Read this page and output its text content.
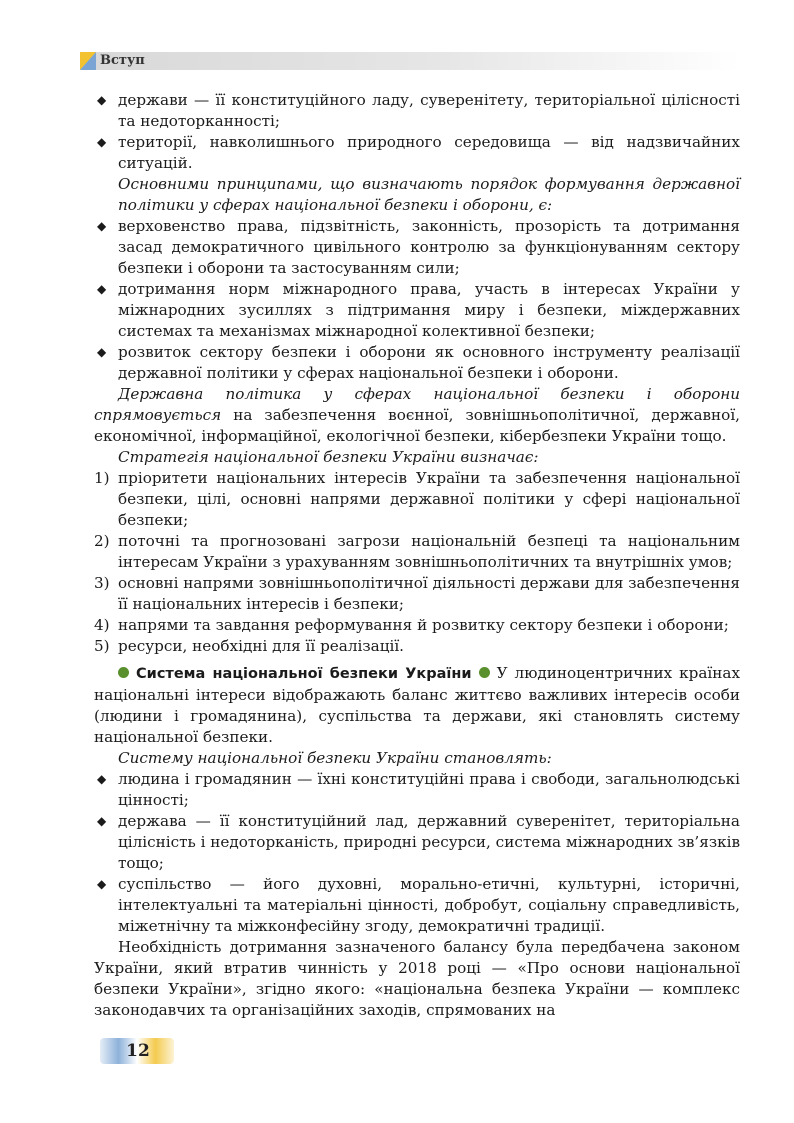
Вступ
◆ держави — її конституційного ладу, суверенітету, територіальної цілісності та недоторканності;
◆ території, навколишнього природного середовища — від надзвичайних ситуацій.

Основними принципами, що визначають порядок формування державної політики у сферах національної безпеки і оборони, є:

◆ верховенство права, підзвітність, законність, прозорість та дотримання засад демократичного цивільного контролю за функціонуванням сектору безпеки і оборони та застосуванням сили;
◆ дотримання норм міжнародного права, участь в інтересах України у міжнародних зусиллях з підтримання миру і безпеки, міждержавних системах та механізмах міжнародної колективної безпеки;
◆ розвиток сектору безпеки і оборони як основного інструменту реалізації державної політики у сферах національної безпеки і оборони.

Державна політика у сферах національної безпеки і оборони спрямовується на забезпечення воєнної, зовнішньополітичної, державної, економічної, інформаційної, екологічної безпеки, кібербезпеки України тощо.

Стратегія національної безпеки України визначає:

1) пріоритети національних інтересів України та забезпечення національної безпеки, цілі, основні напрями державної політики у сфері національної безпеки;
2) поточні та прогнозовані загрози національній безпеці та національним інтересам України з урахуванням зовнішньополітичних та внутрішніх умов;
3) основні напрями зовнішньополітичної діяльності держави для забезпечення її національних інтересів і безпеки;
4) напрями та завдання реформування й розвитку сектору безпеки і оборони;
5) ресурси, необхідні для її реалізації.

Система національної безпеки України  У людиноцентричних країнах національні інтереси відображають баланс життєво важливих інтересів особи (людини і громадянина), суспільства та держави, які становлять систему національної безпеки.

Систему національної безпеки України становлять:

◆ людина і громадянин — їхні конституційні права і свободи, загальнолюдські цінності;
◆ держава — її конституційний лад, державний суверенітет, територіальна цілісність і недоторканість, природні ресурси, система міжнародних зв’язків тощо;
◆ суспільство — його духовні, морально-етичні, культурні, історичні, інтелектуальні та матеріальні цінності, добробут, соціальну справедливість, міжетнічну та міжконфесійну згоду, демократичні традиції.

Необхідність дотримання зазначеного балансу була передбачена законом України, який втратив чинність у 2018 році — «Про основи національної безпеки України», згідно якого: «національна безпека України — комплекс законодавчих та організаційних заходів, спрямованих на

12
